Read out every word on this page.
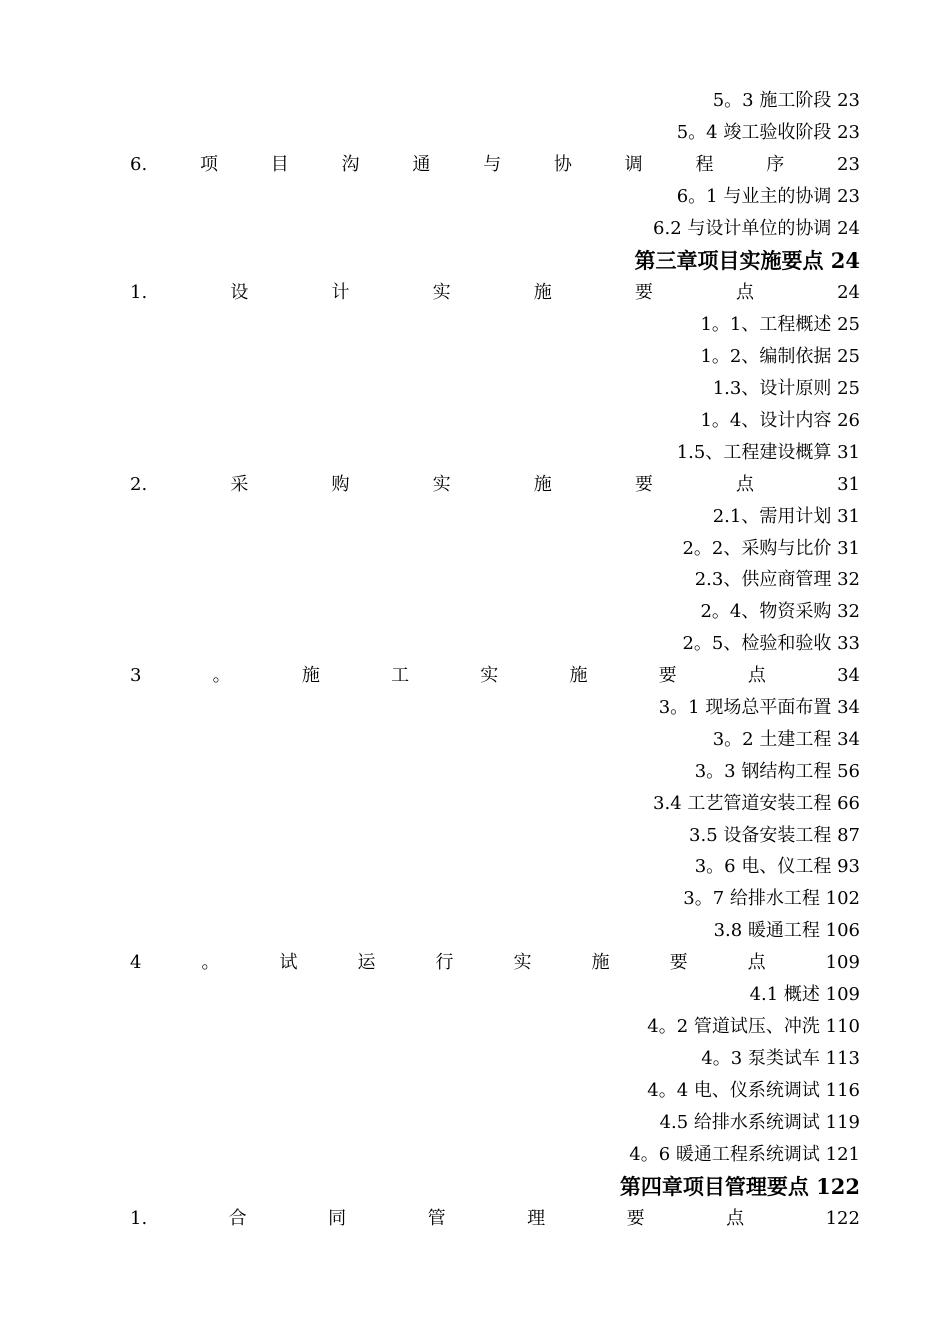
5。3 施工阶段 23
5。4 竣工验收阶段 23
6.	项	目	沟	通	与	协	调	程	序	23
6。1 与业主的协调 23
6.2 与设计单位的协调 24
第三章项目实施要点 24
1.	设	计	实	施	要	点	24
1。1、工程概述 25
1。2、编制依据 25
1.3、设计原则 25
1。4、设计内容 26
1.5、工程建设概算 31
2.	采	购	实	施	要	点	31
2.1、需用计划 31
2。2、采购与比价 31
2.3、供应商管理 32
2。4、物资采购 32
2。5、检验和验收 33
3	。	施	工	实	施	要	点	34
3。1 现场总平面布置 34
3。2 土建工程 34
3。3 钢结构工程 56
3.4 工艺管道安装工程 66
3.5 设备安装工程 87
3。6 电、仪工程 93
3。7 给排水工程 102
3.8 暖通工程 106
4	。	试	运	行	实	施	要	点	109
4.1 概述 109
4。2 管道试压、冲洗 110
4。3 泵类试车 113
4。4 电、仪系统调试 116
4.5 给排水系统调试 119
4。6 暖通工程系统调试 121
第四章项目管理要点 122
1.	合	同	管	理	要	点	122
